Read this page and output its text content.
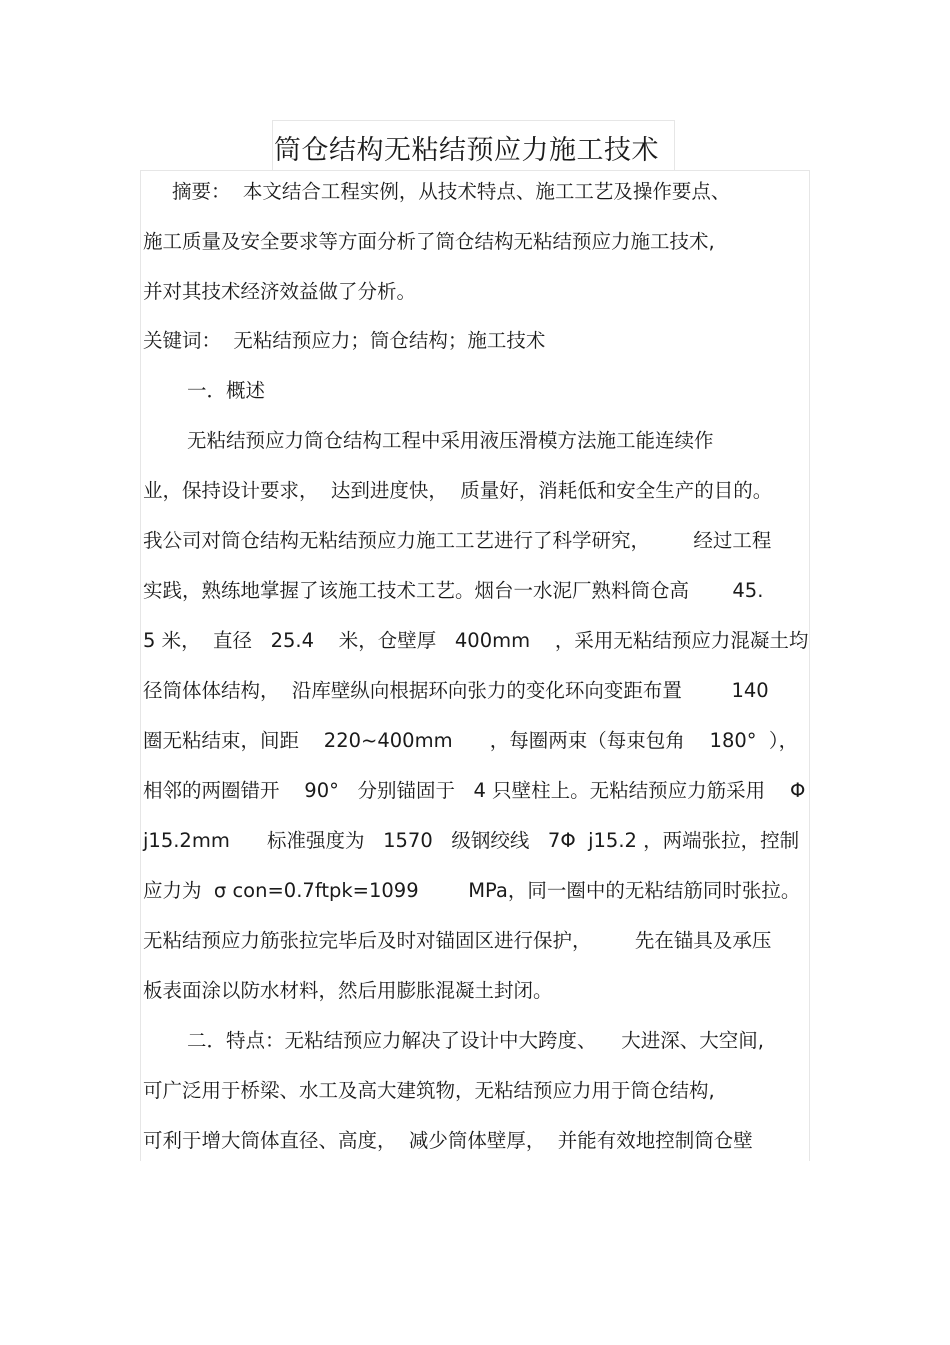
筒仓结构无粘结预应力施工技术
摘要：  本文结合工程实例，从技术特点、施工工艺及操作要点、
施工质量及安全要求等方面分析了筒仓结构无粘结预应力施工技术,
并对其技术经济效益做了分析。
关键词：  无粘结预应力；筒仓结构；施工技术
一．概述
无粘结预应力筒仓结构工程中采用液压滑模方法施工能连续作
业，保持设计要求，  达到进度快，  质量好，消耗低和安全生产的目的。
我公司对筒仓结构无粘结预应力施工工艺进行了科学研究，       经过工程
实践，熟练地掌握了该施工技术工艺。烟台一水泥厂熟料筒仓高       45.
5 米，  直径   25.4    米，仓壁厚   400mm    ，采用无粘结预应力混凝土均
径筒体体结构，  沿库壁纵向根据环向张力的变化环向变距布置        140
圈无粘结束，间距    220~400mm      ，每圈两束（每束包角    180°  ），
相邻的两圈错开    90°   分别锚固于   4 只壁柱上。无粘结预应力筋采用    Φ
j15.2mm      标准强度为   1570   级钢绞线   7Φ  j15.2 ，两端张拉，控制
应力为  σ con=0.7ftpk=1099        MPa，同一圈中的无粘结筋同时张拉。
无粘结预应力筋张拉完毕后及时对锚固区进行保护，       先在锚具及承压
板表面涂以防水材料，然后用膨胀混凝土封闭。
二．特点：无粘结预应力解决了设计中大跨度、    大进深、大空间,
可广泛用于桥梁、水工及高大建筑物，无粘结预应力用于筒仓结构,
可利于增大筒体直径、高度，  减少筒体壁厚，  并能有效地控制筒仓壁
